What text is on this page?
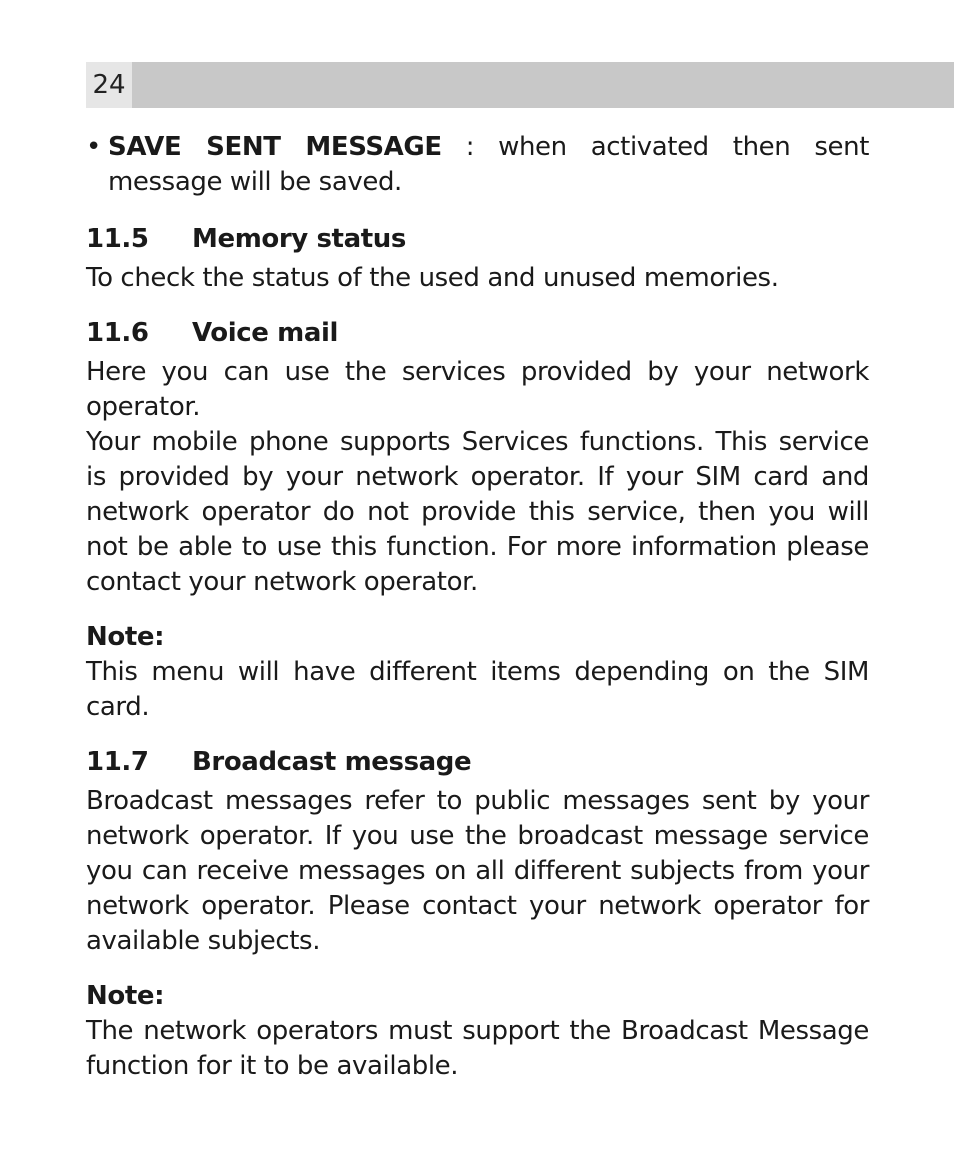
24
• SAVE SENT MESSAGE : when activated then sent message will be saved.
11.5	Memory status

To check the status of the used and unused memories.

11.6	Voice mail

Here you can use the services provided by your network operator.

Your mobile phone supports Services functions. This service is provided by your network operator. If your SIM card and network operator do not provide this service, then you will not be able to use this function. For more information please contact your network operator.

Note:

This menu will have different items depending on the SIM card.

11.7	Broadcast message

Broadcast messages refer to public messages sent by your network operator. If you use the broadcast message service you can receive messages on all different subjects from your network operator. Please contact your network operator for available subjects.

Note:

The network operators must support the Broadcast Message function for it to be available.
